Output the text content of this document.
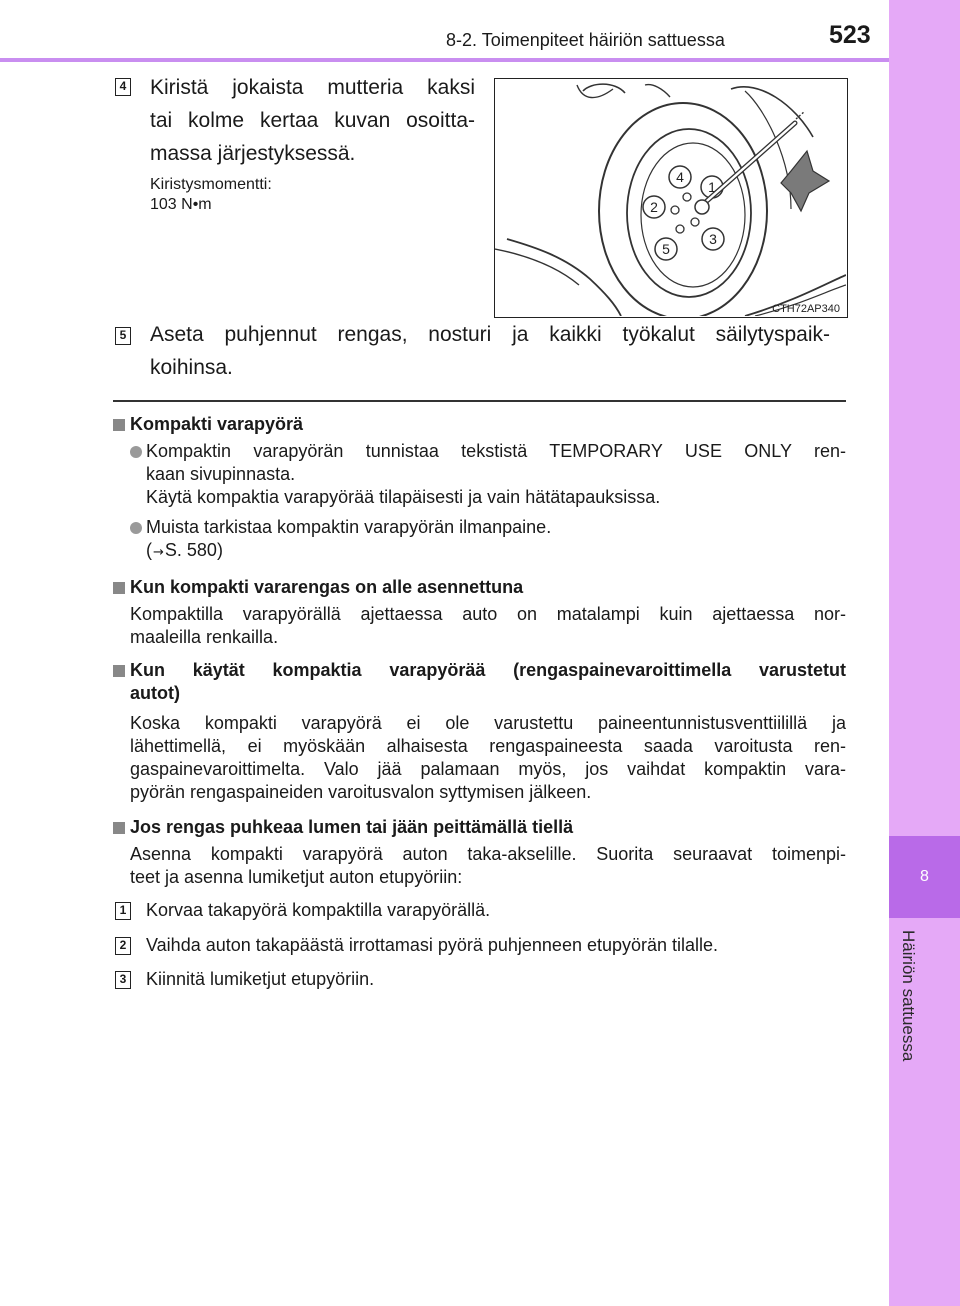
8
Häiriön sattuessa
8-2. Toimenpiteet häiriön sattuessa	523
4 Kiristä jokaista mutteria kaksi
tai kolme kertaa kuvan osoitta-
massa järjestyksessä.
Kiristysmomentti:
103 N•m
4
1
2
3
5
CTH72AP340
5 Aseta puhjennut rengas, nosturi ja kaikki työkalut säilytyspaik-
koihinsa.
Kompakti varapyörä
Kompaktin varapyörän tunnistaa tekstistä TEMPORARY USE ONLY ren-
kaan sivupinnasta.
Käytä kompaktia varapyörää tilapäisesti ja vain hätätapauksissa.
Muista tarkistaa kompaktin varapyörän ilmanpaine.
(→S. 580)
Kun kompakti vararengas on alle asennettuna
Kompaktilla varapyörällä ajettaessa auto on matalampi kuin ajettaessa nor-
maaleilla renkailla.
Kun käytät kompaktia varapyörää (rengaspainevaroittimella varustetut
autot)
Koska kompakti varapyörä ei ole varustettu paineentunnistusventtiilillä ja
lähettimellä, ei myöskään alhaisesta rengaspaineesta saada varoitusta ren-
gaspainevaroittimelta. Valo jää palamaan myös, jos vaihdat kompaktin vara-
pyörän rengaspaineiden varoitusvalon syttymisen jälkeen.
Jos rengas puhkeaa lumen tai jään peittämällä tiellä
Asenna kompakti varapyörä auton taka-akselille. Suorita seuraavat toimenpi-
teet ja asenna lumiketjut auton etupyöriin:
1 Korvaa takapyörä kompaktilla varapyörällä.
2 Vaihda auton takapäästä irrottamasi pyörä puhjenneen etupyörän tilalle.
3 Kiinnitä lumiketjut etupyöriin.
